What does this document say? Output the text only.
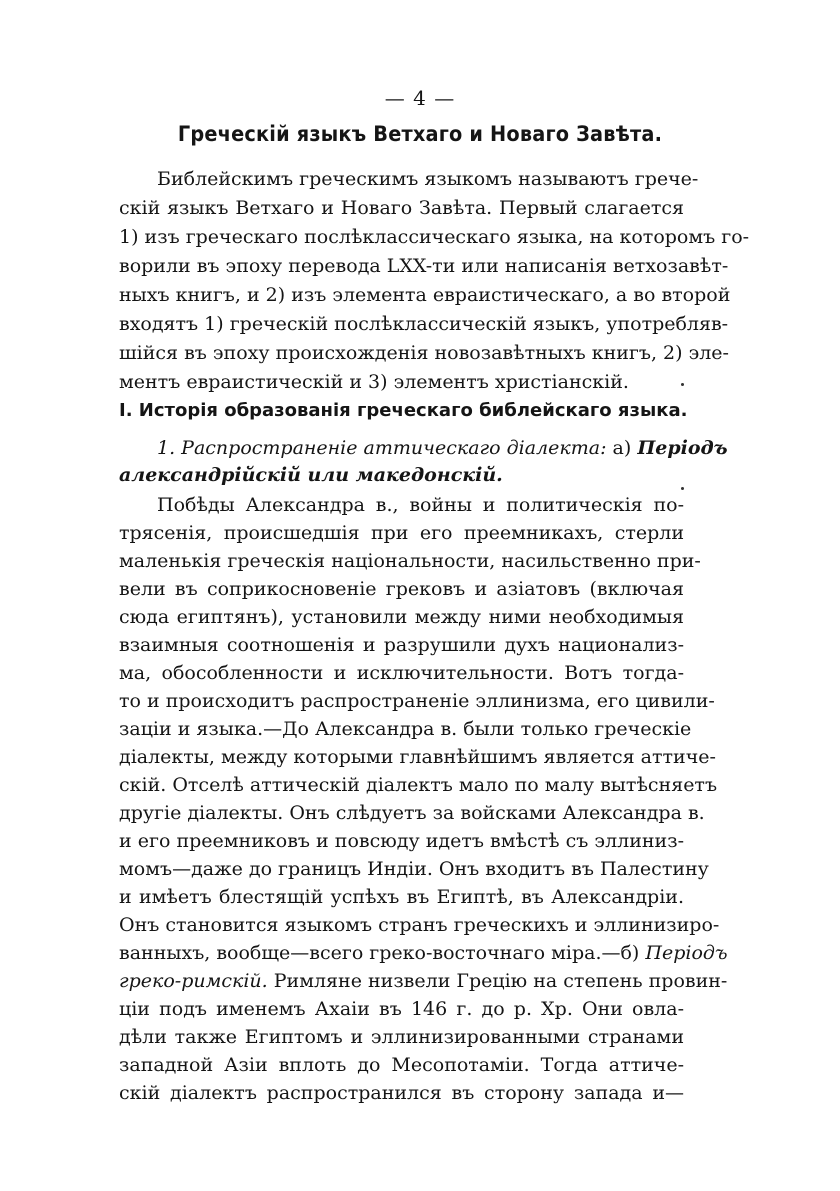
— 4 —
Греческій языкъ Ветхаго и Новаго Завѣта.
Библейскимъ греческимъ языкомъ называютъ грече-
скій языкъ Ветхаго и Новаго Завѣта. Первый слагается
1) изъ греческаго послѣклассическаго языка, на которомъ го-
ворили въ эпоху перевода LXX-ти или написанія ветхозавѣт-
ныхъ книгъ, и 2) изъ элемента евраистическаго, а во второй
входятъ 1) греческій послѣклассическій языкъ, употребляв-
шійся въ эпоху происхожденія новозавѣтныхъ книгъ, 2) эле-
ментъ евраистическій и 3) элементъ христіанскій.
I. Исторія образованія греческаго библейскаго языка.
1. Распространеніе аттическаго діалекта: а) Періодъ
александрійскій или македонскій.
Побѣды Александра в., войны и политическія по-
трясенія, происшедшія при его преемникахъ, стерли
маленькія греческія національности, насильственно при-
вели въ соприкосновеніе грековъ и азіатовъ (включая
сюда египтянъ), установили между ними необходимыя
взаимныя соотношенія и разрушили духъ национализ-
ма, обособленности и исключительности. Вотъ тогда-
то и происходитъ распространеніе эллинизма, его цивили-
заціи и языка.—До Александра в. были только греческіе
діалекты, между которыми главнѣйшимъ является аттиче-
скій. Отселѣ аттическій діалектъ мало по малу вытѣсняетъ
другіе діалекты. Онъ слѣдуетъ за войсками Александра в.
и его преемниковъ и повсюду идетъ вмѣстѣ съ эллиниз-
момъ—даже до границъ Индіи. Онъ входитъ въ Палестину
и имѣетъ блестящій успѣхъ въ Египтѣ, въ Александріи.
Онъ становится языкомъ странъ греческихъ и эллинизиро-
ванныхъ, вообще—всего греко-восточнаго міра.—б) Періодъ
греко-римскій. Римляне низвели Грецію на степень провин-
ціи подъ именемъ Ахаіи въ 146 г. до р. Хр. Они овла-
дѣли также Египтомъ и эллинизированными странами
западной Азіи вплоть до Месопотаміи. Тогда аттиче-
скій діалектъ распространился въ сторону запада и—
